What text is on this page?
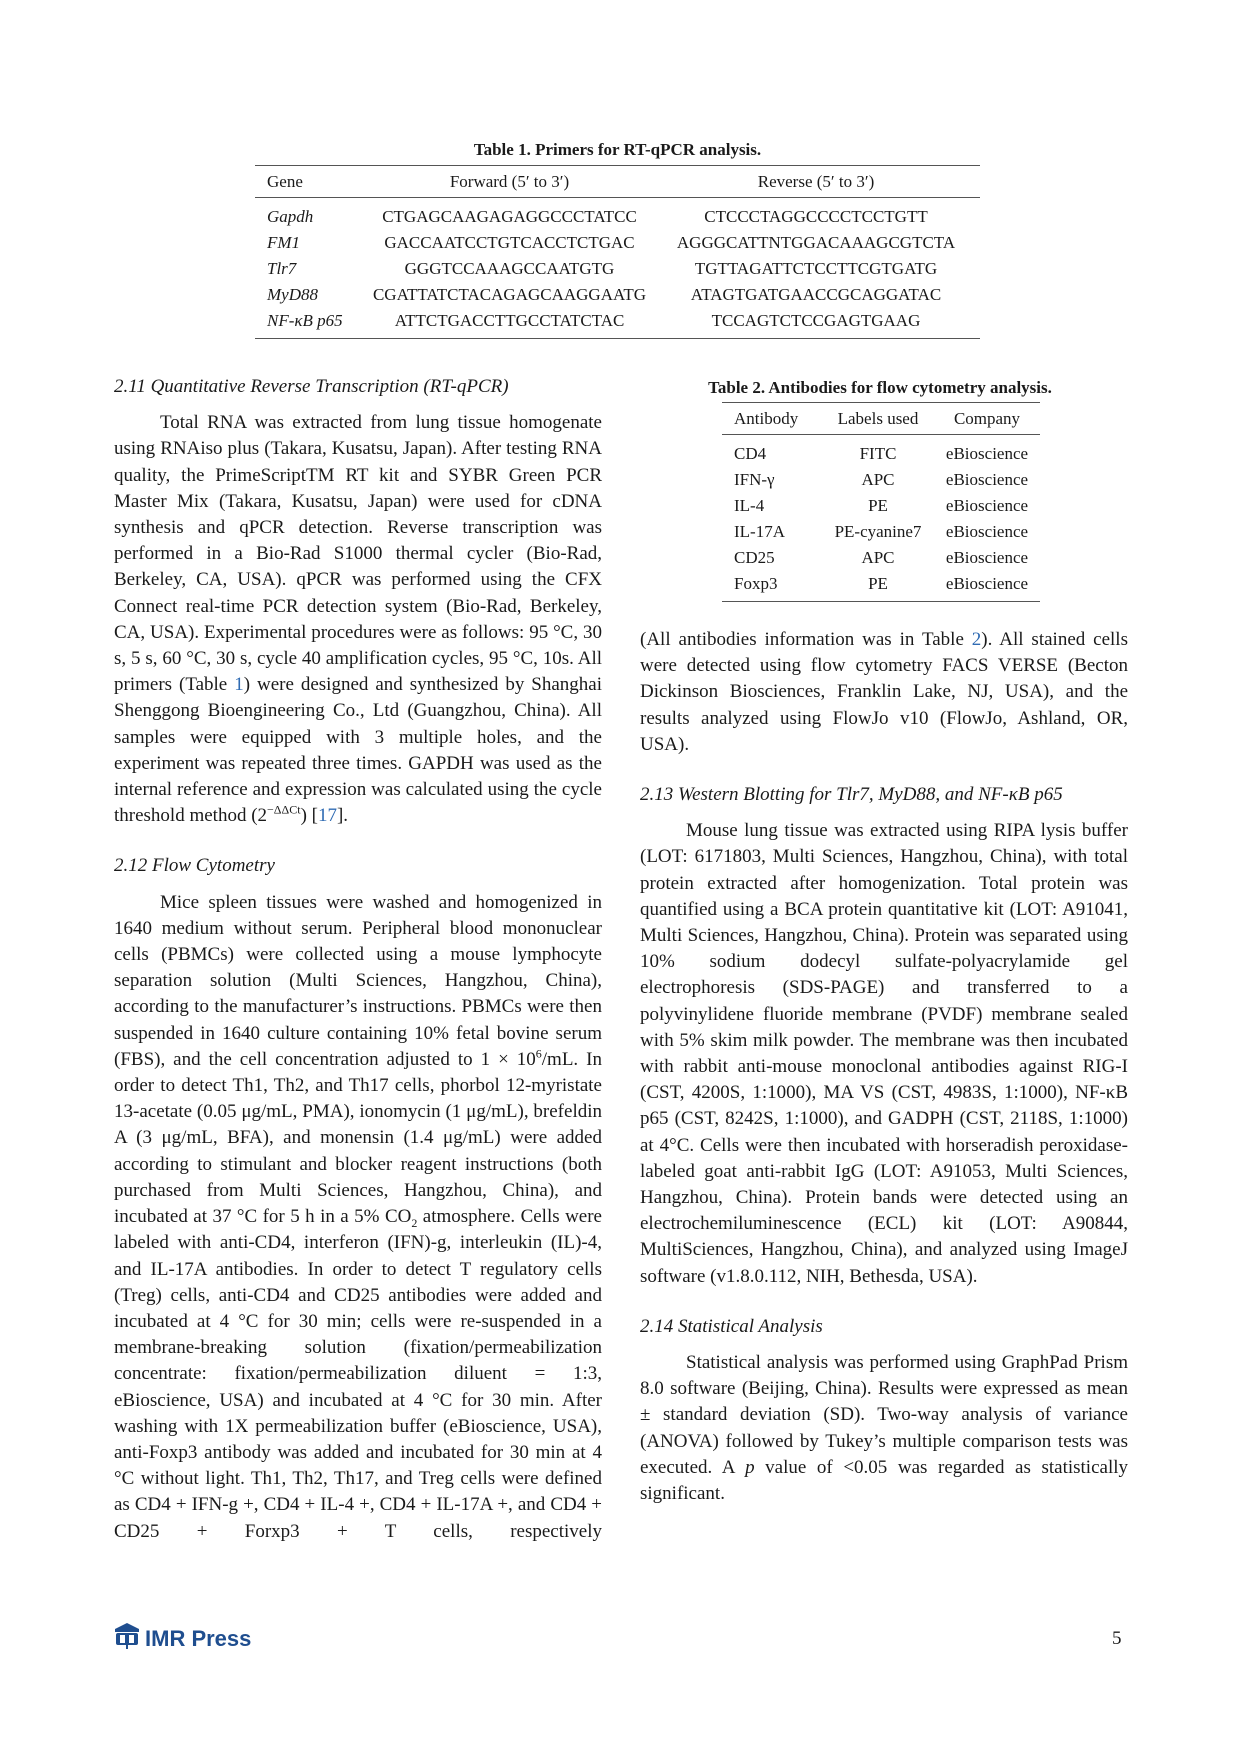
Table 1. Primers for RT-qPCR analysis.
Gene	Forward (5′ to 3′)	Reverse (5′ to 3′)
Gapdh	CTGAGCAAGAGAGGCCCTATCC	CTCCCTAGGCCCCTCCTGTT
FM1	GACCAATCCTGTCACCTCTGAC	AGGGCATTNTGGACAAAGCGTCTA
Tlr7	GGGTCCAAAGCCAATGTG	TGTTAGATTCTCCTTCGTGATG
MyD88	CGATTATCTACAGAGCAAGGAATG	ATAGTGATGAACCGCAGGATAC
NF-κB p65	ATTCTGACCTTGCCTATCTAC	TCCAGTCTCCGAGTGAAG
Table 2. Antibodies for flow cytometry analysis.
Antibody	Labels used	Company
CD4	FITC	eBioscience
IFN-γ	APC	eBioscience
IL-4	PE	eBioscience
IL-17A	PE-cyanine7	eBioscience
CD25	APC	eBioscience
Foxp3	PE	eBioscience
2.11 Quantitative Reverse Transcription (RT-qPCR)

Total RNA was extracted from lung tissue homogenate using RNAiso plus (Takara, Kusatsu, Japan). After testing RNA quality, the PrimeScriptTM RT kit and SYBR Green PCR Master Mix (Takara, Kusatsu, Japan) were used for cDNA synthesis and qPCR detection. Reverse transcription was performed in a Bio-Rad S1000 thermal cycler (Bio-Rad, Berkeley, CA, USA). qPCR was performed using the CFX Connect real-time PCR detection system (Bio-Rad, Berkeley, CA, USA). Experimental procedures were as follows: 95 °C, 30 s, 5 s, 60 °C, 30 s, cycle 40 amplification cycles, 95 °C, 10s. All primers (Table 1) were designed and synthesized by Shanghai Shenggong Bioengineering Co., Ltd (Guangzhou, China). All samples were equipped with 3 multiple holes, and the experiment was repeated three times. GAPDH was used as the internal reference and expression was calculated using the cycle threshold method $(2^{-\Delta\Delta Ct})$ [17].

2.12 Flow Cytometry

Mice spleen tissues were washed and homogenized in 1640 medium without serum. Peripheral blood mononuclear cells (PBMCs) were collected using a mouse lymphocyte separation solution (Multi Sciences, Hangzhou, China), according to the manufacturer’s instructions. PBMCs were then suspended in 1640 culture containing 10% fetal bovine serum (FBS), and the cell concentration adjusted to $1 \times 10^6/mL$. In order to detect Th1, Th2, and Th17 cells, phorbol 12-myristate 13-acetate (0.05 μg/mL, PMA), ionomycin (1 μg/mL), brefeldin A (3 μg/mL, BFA), and monensin (1.4 μg/mL) were added according to stimulant and blocker reagent instructions (both purchased from Multi Sciences, Hangzhou, China), and incubated at 37 °C for 5 h in a 5% $CO_2$ atmosphere. Cells were labeled with anti-CD4, interferon (IFN)-g, interleukin (IL)-4, and IL-17A antibodies. In order to detect T regulatory cells (Treg) cells, anti-CD4 and CD25 antibodies were added and incubated at 4 °C for 30 min; cells were re-suspended in a membrane-breaking solution (fixation/permeabilization concentrate: fixation/permeabilization diluent = 1:3, eBioscience, USA) and incubated at 4 °C for 30 min. After washing with 1X permeabilization buffer (eBioscience, USA), anti-Foxp3 antibody was added and incubated for 30 min at 4 °C without light. Th1, Th2, Th17, and Treg cells were defined as CD4 + IFN-g +, CD4 + IL-4 +, CD4 + IL-17A +, and CD4 + CD25 + Forxp3 + T cells, respectively

(All antibodies information was in Table 2). All stained cells were detected using flow cytometry FACS VERSE (Becton Dickinson Biosciences, Franklin Lake, NJ, USA), and the results analyzed using FlowJo v10 (FlowJo, Ashland, OR, USA).

2.13 Western Blotting for Tlr7, MyD88, and NF-κB p65

Mouse lung tissue was extracted using RIPA lysis buffer (LOT: 6171803, Multi Sciences, Hangzhou, China), with total protein extracted after homogenization. Total protein was quantified using a BCA protein quantitative kit (LOT: A91041, Multi Sciences, Hangzhou, China). Protein was separated using 10% sodium dodecyl sulfate-polyacrylamide gel electrophoresis (SDS-PAGE) and transferred to a polyvinylidene fluoride membrane (PVDF) membrane sealed with 5% skim milk powder. The membrane was then incubated with rabbit anti-mouse monoclonal antibodies against RIG-I (CST, 4200S, 1:1000), MA VS (CST, 4983S, 1:1000), NF-κB p65 (CST, 8242S, 1:1000), and GADPH (CST, 2118S, 1:1000) at 4°C. Cells were then incubated with horseradish peroxidase-labeled goat anti-rabbit IgG (LOT: A91053, Multi Sciences, Hangzhou, China). Protein bands were detected using an electrochemiluminescence (ECL) kit (LOT: A90844, MultiSciences, Hangzhou, China), and analyzed using ImageJ software (v1.8.0.112, NIH, Bethesda, USA).

2.14 Statistical Analysis

Statistical analysis was performed using GraphPad Prism 8.0 software (Beijing, China). Results were expressed as mean ± standard deviation (SD). Two-way analysis of variance (ANOVA) followed by Tukey’s multiple comparison tests was executed. A p value of <0.05 was regarded as statistically significant.

IMR Press	5
